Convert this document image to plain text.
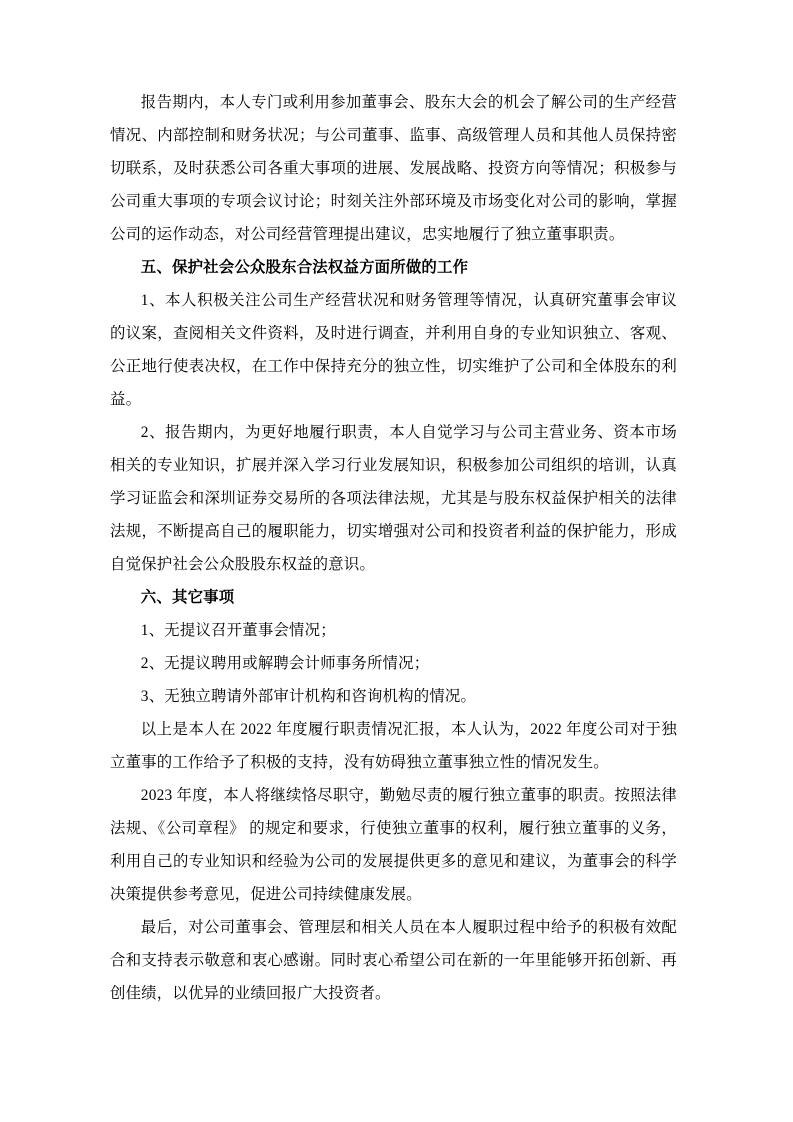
报告期内，本人专门或利用参加董事会、股东大会的机会了解公司的生产经营情况、内部控制和财务状况；与公司董事、监事、高级管理人员和其他人员保持密切联系，及时获悉公司各重大事项的进展、发展战略、投资方向等情况；积极参与公司重大事项的专项会议讨论；时刻关注外部环境及市场变化对公司的影响，掌握公司的运作动态，对公司经营管理提出建议，忠实地履行了独立董事职责。

五、保护社会公众股东合法权益方面所做的工作

1、本人积极关注公司生产经营状况和财务管理等情况，认真研究董事会审议的议案，查阅相关文件资料，及时进行调查，并利用自身的专业知识独立、客观、公正地行使表决权，在工作中保持充分的独立性，切实维护了公司和全体股东的利益。

2、报告期内，为更好地履行职责，本人自觉学习与公司主营业务、资本市场相关的专业知识，扩展并深入学习行业发展知识，积极参加公司组织的培训，认真学习证监会和深圳证券交易所的各项法律法规，尤其是与股东权益保护相关的法律法规，不断提高自己的履职能力，切实增强对公司和投资者利益的保护能力，形成自觉保护社会公众股股东权益的意识。

六、其它事项

1、无提议召开董事会情况；

2、无提议聘用或解聘会计师事务所情况；

3、无独立聘请外部审计机构和咨询机构的情况。

以上是本人在 2022 年度履行职责情况汇报，本人认为，2022 年度公司对于独立董事的工作给予了积极的支持，没有妨碍独立董事独立性的情况发生。

2023 年度，本人将继续恪尽职守，勤勉尽责的履行独立董事的职责。按照法律法规、《公司章程》 的规定和要求，行使独立董事的权利，履行独立董事的义务，利用自己的专业知识和经验为公司的发展提供更多的意见和建议，为董事会的科学决策提供参考意见，促进公司持续健康发展。

最后，对公司董事会、管理层和相关人员在本人履职过程中给予的积极有效配合和支持表示敬意和衷心感谢。同时衷心希望公司在新的一年里能够开拓创新、再创佳绩，以优异的业绩回报广大投资者。
